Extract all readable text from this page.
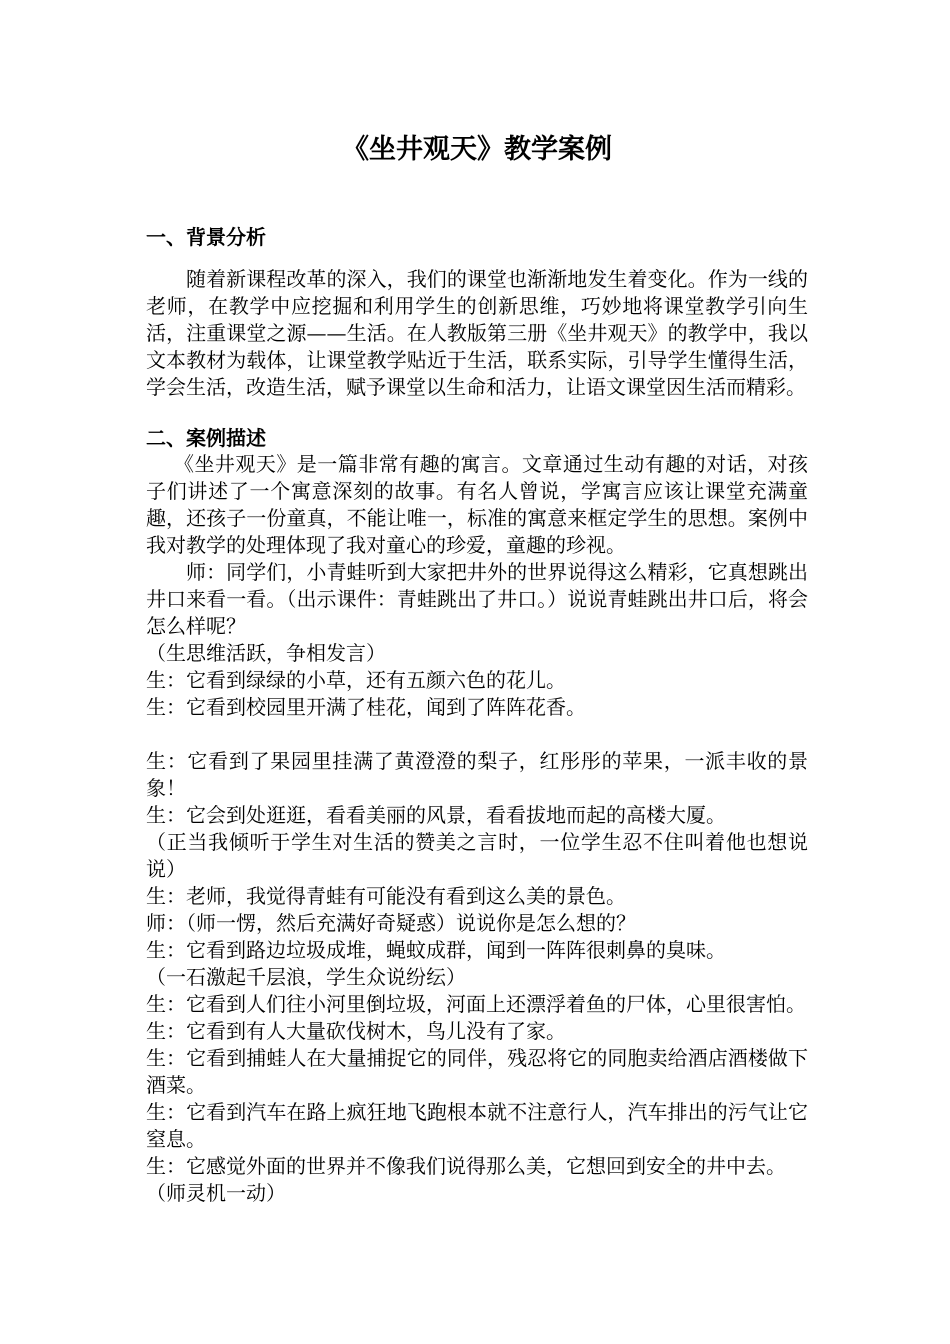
《坐井观天》教学案例
一、背景分析

随着新课程改革的深入，我们的课堂也渐渐地发生着变化。作为一线的老师，在教学中应挖掘和利用学生的创新思维，巧妙地将课堂教学引向生活，注重课堂之源——生活。在人教版第三册《坐井观天》的教学中，我以文本教材为载体，让课堂教学贴近于生活，联系实际，引导学生懂得生活，学会生活，改造生活，赋予课堂以生命和活力，让语文课堂因生活而精彩。

二、案例描述

《坐井观天》是一篇非常有趣的寓言。文章通过生动有趣的对话，对孩子们讲述了一个寓意深刻的故事。有名人曾说，学寓言应该让课堂充满童趣，还孩子一份童真，不能让唯一，标准的寓意来框定学生的思想。案例中我对教学的处理体现了我对童心的珍爱，童趣的珍视。

师：同学们，小青蛙听到大家把井外的世界说得这么精彩，它真想跳出井口来看一看。（出示课件：青蛙跳出了井口。）说说青蛙跳出井口后，将会怎么样呢？

（生思维活跃，争相发言）

生：它看到绿绿的小草，还有五颜六色的花儿。

生：它看到校园里开满了桂花，闻到了阵阵花香。

生：它看到了果园里挂满了黄澄澄的梨子，红彤彤的苹果，一派丰收的景象！

生：它会到处逛逛，看看美丽的风景，看看拔地而起的高楼大厦。

（正当我倾听于学生对生活的赞美之言时，一位学生忍不住叫着他也想说说）

生：老师，我觉得青蛙有可能没有看到这么美的景色。

师：（师一愣，然后充满好奇疑惑）说说你是怎么想的？

生：它看到路边垃圾成堆，蝇蚊成群，闻到一阵阵很刺鼻的臭味。

（一石激起千层浪，学生众说纷纭）

生：它看到人们往小河里倒垃圾，河面上还漂浮着鱼的尸体，心里很害怕。

生：它看到有人大量砍伐树木，鸟儿没有了家。

生：它看到捕蛙人在大量捕捉它的同伴，残忍将它的同胞卖给酒店酒楼做下酒菜。

生：它看到汽车在路上疯狂地飞跑根本就不注意行人，汽车排出的污气让它窒息。

生：它感觉外面的世界并不像我们说得那么美，它想回到安全的井中去。

（师灵机一动）
